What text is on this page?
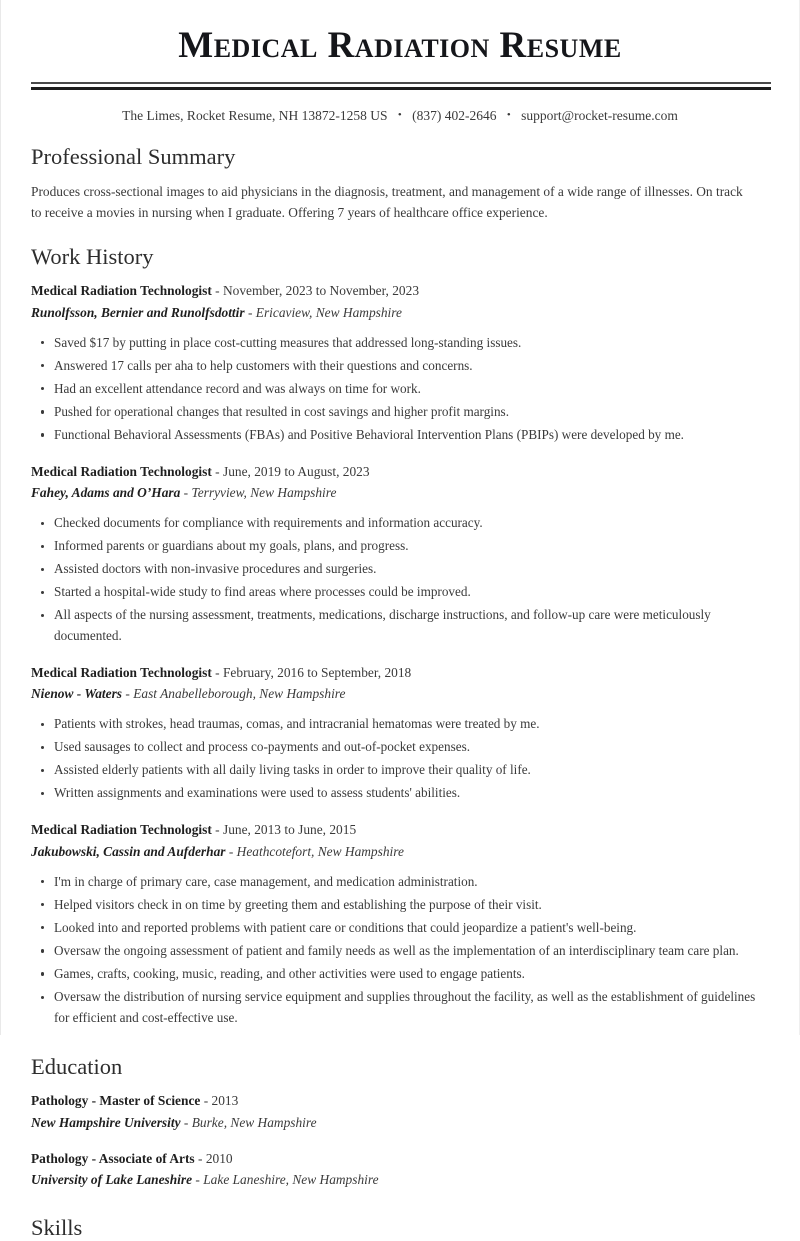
Medical Radiation Resume
The Limes, Rocket Resume, NH 13872-1258 US • (837) 402-2646 • support@rocket-resume.com
Professional Summary

Produces cross-sectional images to aid physicians in the diagnosis, treatment, and management of a wide range of illnesses. On track to receive a movies in nursing when I graduate. Offering 7 years of healthcare office experience.

Work History
Medical Radiation Technologist - November, 2023 to November, 2023
Runolfsson, Bernier and Runolfsdottir - Ericaview, New Hampshire
Saved $17 by putting in place cost-cutting measures that addressed long-standing issues.
Answered 17 calls per aha to help customers with their questions and concerns.
Had an excellent attendance record and was always on time for work.
Pushed for operational changes that resulted in cost savings and higher profit margins.
Functional Behavioral Assessments (FBAs) and Positive Behavioral Intervention Plans (PBIPs) were developed by me.
Medical Radiation Technologist - June, 2019 to August, 2023
Fahey, Adams and O’Hara - Terryview, New Hampshire
Checked documents for compliance with requirements and information accuracy.
Informed parents or guardians about my goals, plans, and progress.
Assisted doctors with non-invasive procedures and surgeries.
Started a hospital-wide study to find areas where processes could be improved.
All aspects of the nursing assessment, treatments, medications, discharge instructions, and follow-up care were meticulously documented.
Medical Radiation Technologist - February, 2016 to September, 2018
Nienow - Waters - East Anabelleborough, New Hampshire
Patients with strokes, head traumas, comas, and intracranial hematomas were treated by me.
Used sausages to collect and process co-payments and out-of-pocket expenses.
Assisted elderly patients with all daily living tasks in order to improve their quality of life.
Written assignments and examinations were used to assess students' abilities.
Medical Radiation Technologist - June, 2013 to June, 2015
Jakubowski, Cassin and Aufderhar - Heathcotefort, New Hampshire
I'm in charge of primary care, case management, and medication administration.
Helped visitors check in on time by greeting them and establishing the purpose of their visit.
Looked into and reported problems with patient care or conditions that could jeopardize a patient's well-being.
Oversaw the ongoing assessment of patient and family needs as well as the implementation of an interdisciplinary team care plan.
Games, crafts, cooking, music, reading, and other activities were used to engage patients.
Oversaw the distribution of nursing service equipment and supplies throughout the facility, as well as the establishment of guidelines for efficient and cost-effective use.
Education
Pathology - Master of Science - 2013
New Hampshire University - Burke, New Hampshire
Pathology - Associate of Arts - 2010
University of Lake Laneshire - Lake Laneshire, New Hampshire
Skills
